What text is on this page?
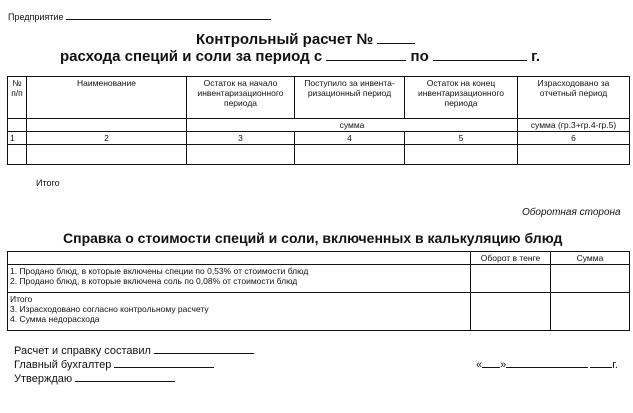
Предприятие
Контрольный расчет №
расхода специй и соли за период с	по	г.
№ п/п	Наименование	Остаток на начало инвентаризационного периода	Поступило за инвентаризационный период	Остаток на конец инвентаризационного периода	Израсходовано за отчетный период
		сумма			сумма (гр.3+гр.4-гр.5)
1	2	3	4	5	6

Итого
Оборотная сторона
Справка о стоимости специй и соли, включенных в калькуляцию блюд
	Оборот в тенге	Сумма

1. Продано блюд, в которые включены специи по 0,53% от стоимости блюд
2. Продано блюд, в которые включена соль по 0,08% от стоимости блюд		

Итого
3. Израсходовано согласно контрольному расчету
4. Сумма недорасхода		

Расчет и справку составил
Главный бухгалтер
Утверждаю
« »	г.
